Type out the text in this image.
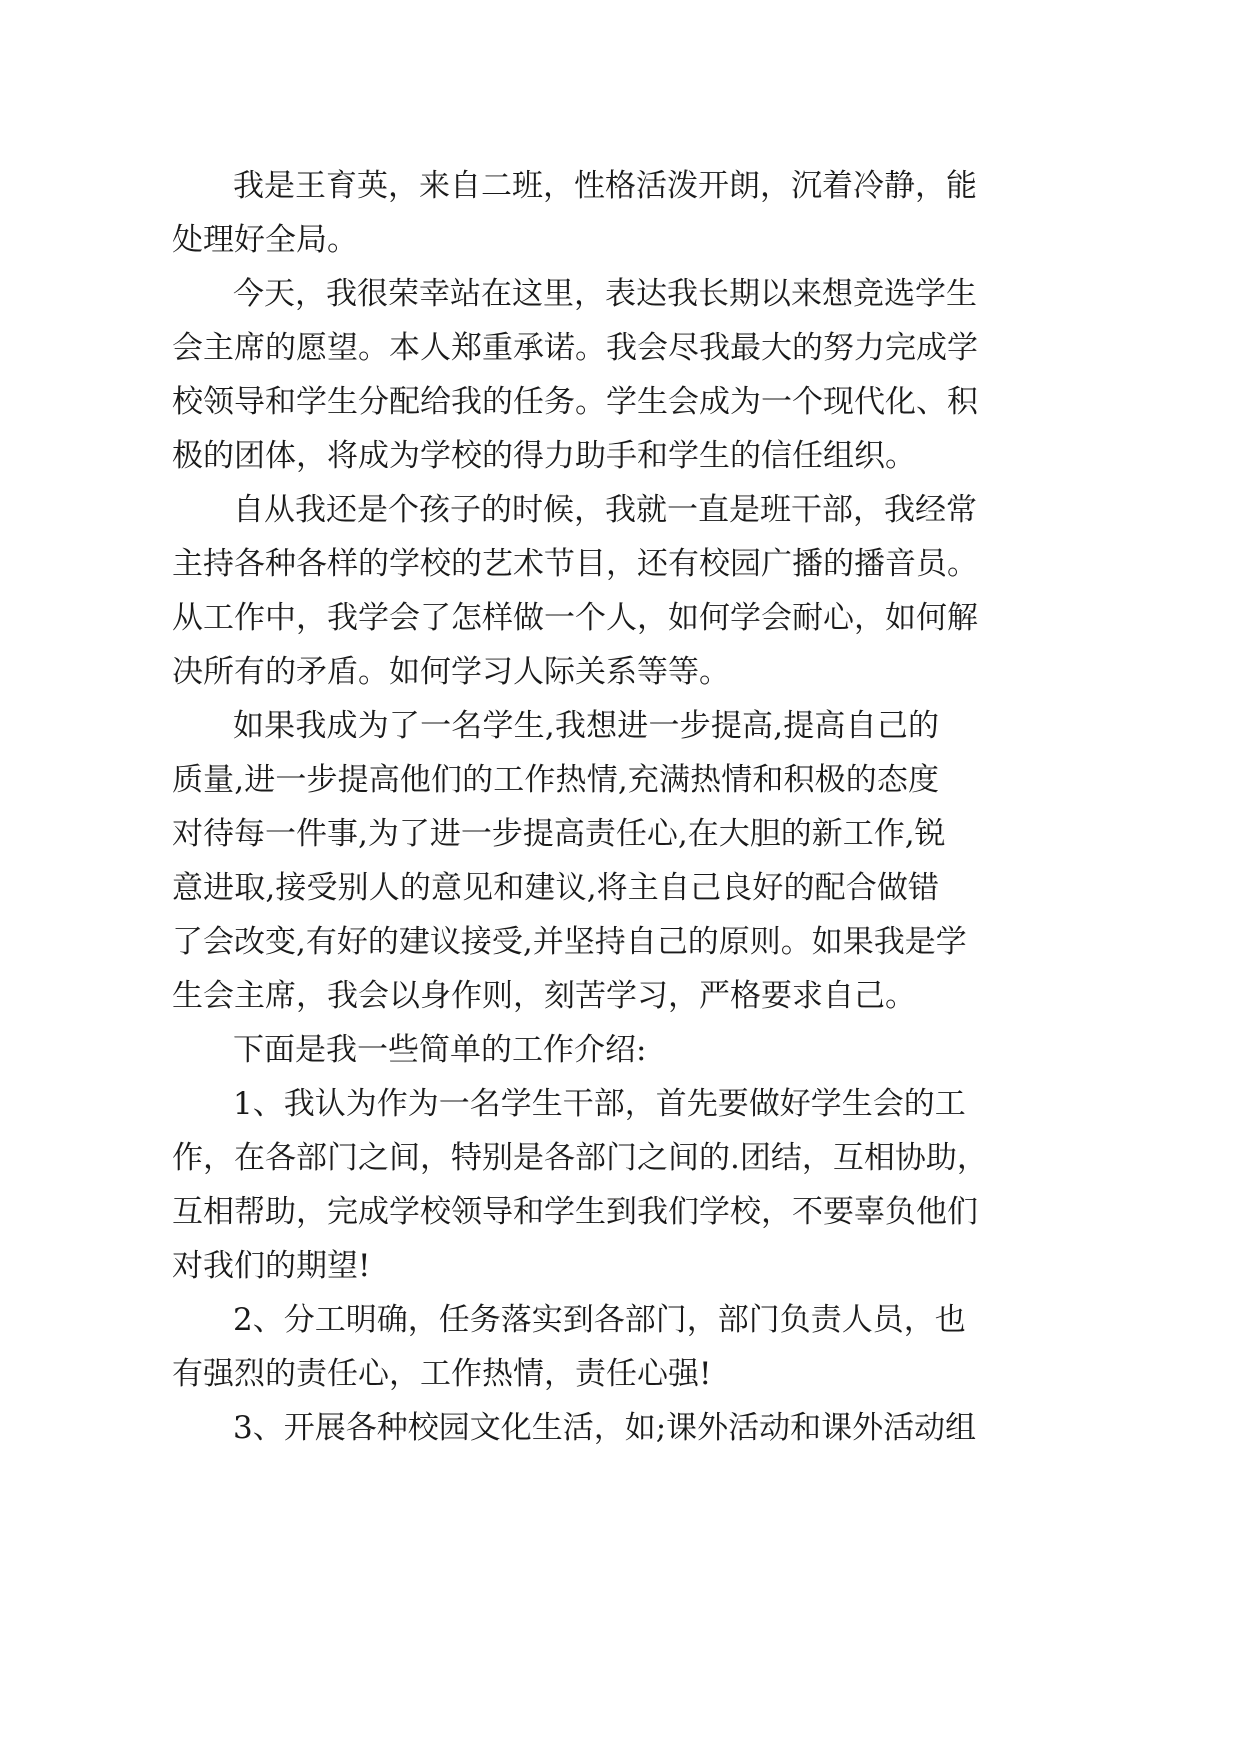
我是王育英，来自二班，性格活泼开朗，沉着冷静，能
处理好全局。
今天，我很荣幸站在这里，表达我长期以来想竞选学生
会主席的愿望。本人郑重承诺。我会尽我最大的努力完成学
校领导和学生分配给我的任务。学生会成为一个现代化、积
极的团体，将成为学校的得力助手和学生的信任组织。
自从我还是个孩子的时候，我就一直是班干部，我经常
主持各种各样的学校的艺术节目，还有校园广播的播音员。
从工作中，我学会了怎样做一个人，如何学会耐心，如何解
决所有的矛盾。如何学习人际关系等等。
如果我成为了一名学生,我想进一步提高,提高自己的
质量,进一步提高他们的工作热情,充满热情和积极的态度
对待每一件事,为了进一步提高责任心,在大胆的新工作,锐
意进取,接受别人的意见和建议,将主自己良好的配合做错
了会改变,有好的建议接受,并坚持自己的原则。如果我是学
生会主席，我会以身作则，刻苦学习，严格要求自己。
下面是我一些简单的工作介绍:
1、我认为作为一名学生干部，首先要做好学生会的工
作，在各部门之间，特别是各部门之间的.团结，互相协助，
互相帮助，完成学校领导和学生到我们学校，不要辜负他们
对我们的期望!
2、分工明确，任务落实到各部门，部门负责人员，也
有强烈的责任心，工作热情，责任心强!
3、开展各种校园文化生活，如;课外活动和课外活动组
